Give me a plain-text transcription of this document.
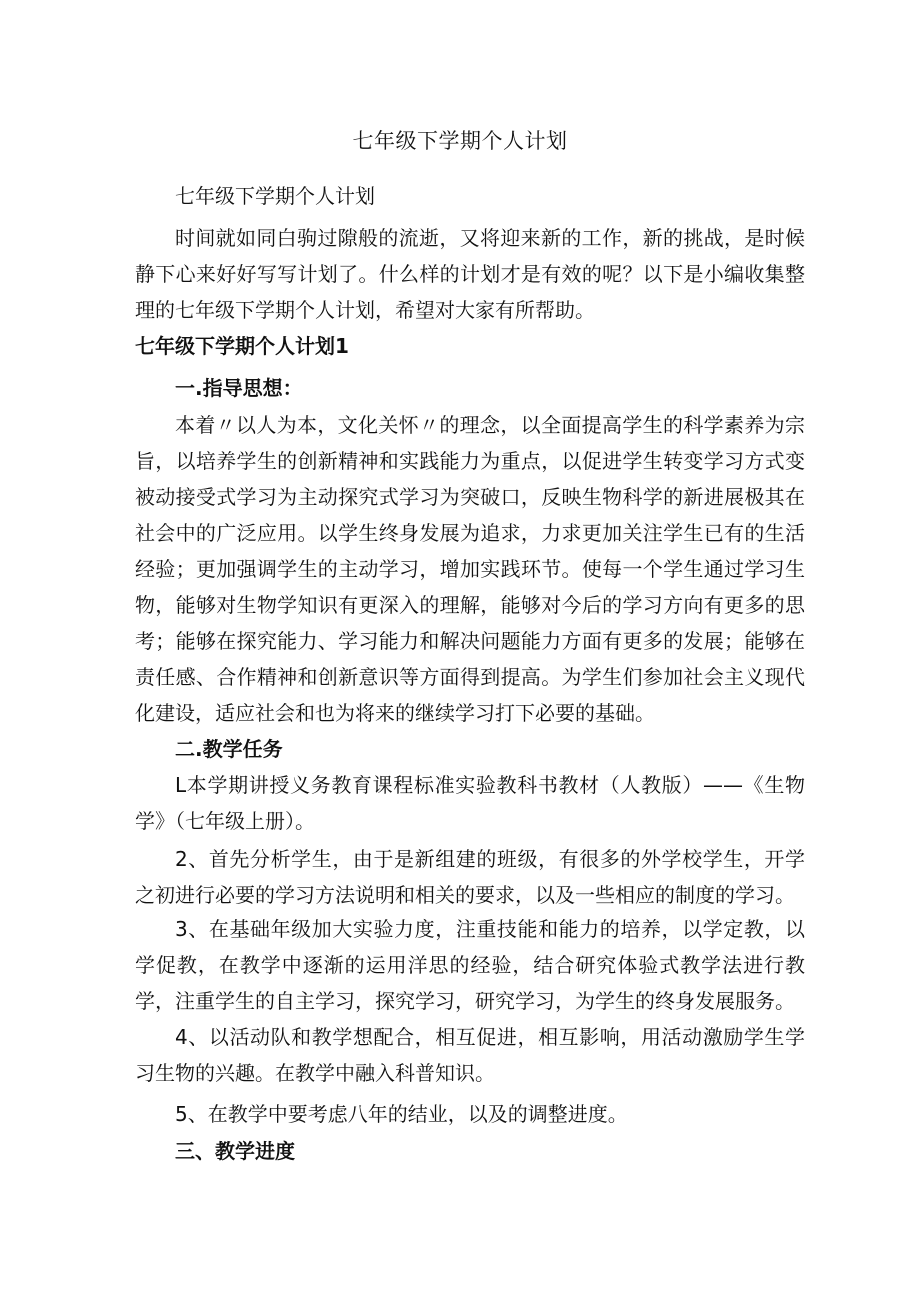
七年级下学期个人计划

七年级下学期个人计划

时间就如同白驹过隙般的流逝，又将迎来新的工作，新的挑战，是时候静下心来好好写写计划了。什么样的计划才是有效的呢？以下是小编收集整理的七年级下学期个人计划，希望对大家有所帮助。

七年级下学期个人计划1

一.指导思想：

本着〃以人为本，文化关怀〃的理念，以全面提高学生的科学素养为宗旨，以培养学生的创新精神和实践能力为重点，以促进学生转变学习方式变被动接受式学习为主动探究式学习为突破口，反映生物科学的新进展极其在社会中的广泛应用。以学生终身发展为追求，力求更加关注学生已有的生活经验；更加强调学生的主动学习，增加实践环节。使每一个学生通过学习生物，能够对生物学知识有更深入的理解，能够对今后的学习方向有更多的思考；能够在探究能力、学习能力和解决问题能力方面有更多的发展；能够在责任感、合作精神和创新意识等方面得到提高。为学生们参加社会主义现代化建设，适应社会和也为将来的继续学习打下必要的基础。

二.教学任务

L本学期讲授义务教育课程标准实验教科书教材（人教版）——《生物学》（七年级上册）。

2、首先分析学生，由于是新组建的班级，有很多的外学校学生，开学之初进行必要的学习方法说明和相关的要求，以及一些相应的制度的学习。

3、在基础年级加大实验力度，注重技能和能力的培养，以学定教，以学促教，在教学中逐渐的运用洋思的经验，结合研究体验式教学法进行教学，注重学生的自主学习，探究学习，研究学习，为学生的终身发展服务。

4、以活动队和教学想配合，相互促进，相互影响，用活动激励学生学习生物的兴趣。在教学中融入科普知识。

5、在教学中要考虑八年的结业，以及的调整进度。

三、教学进度
